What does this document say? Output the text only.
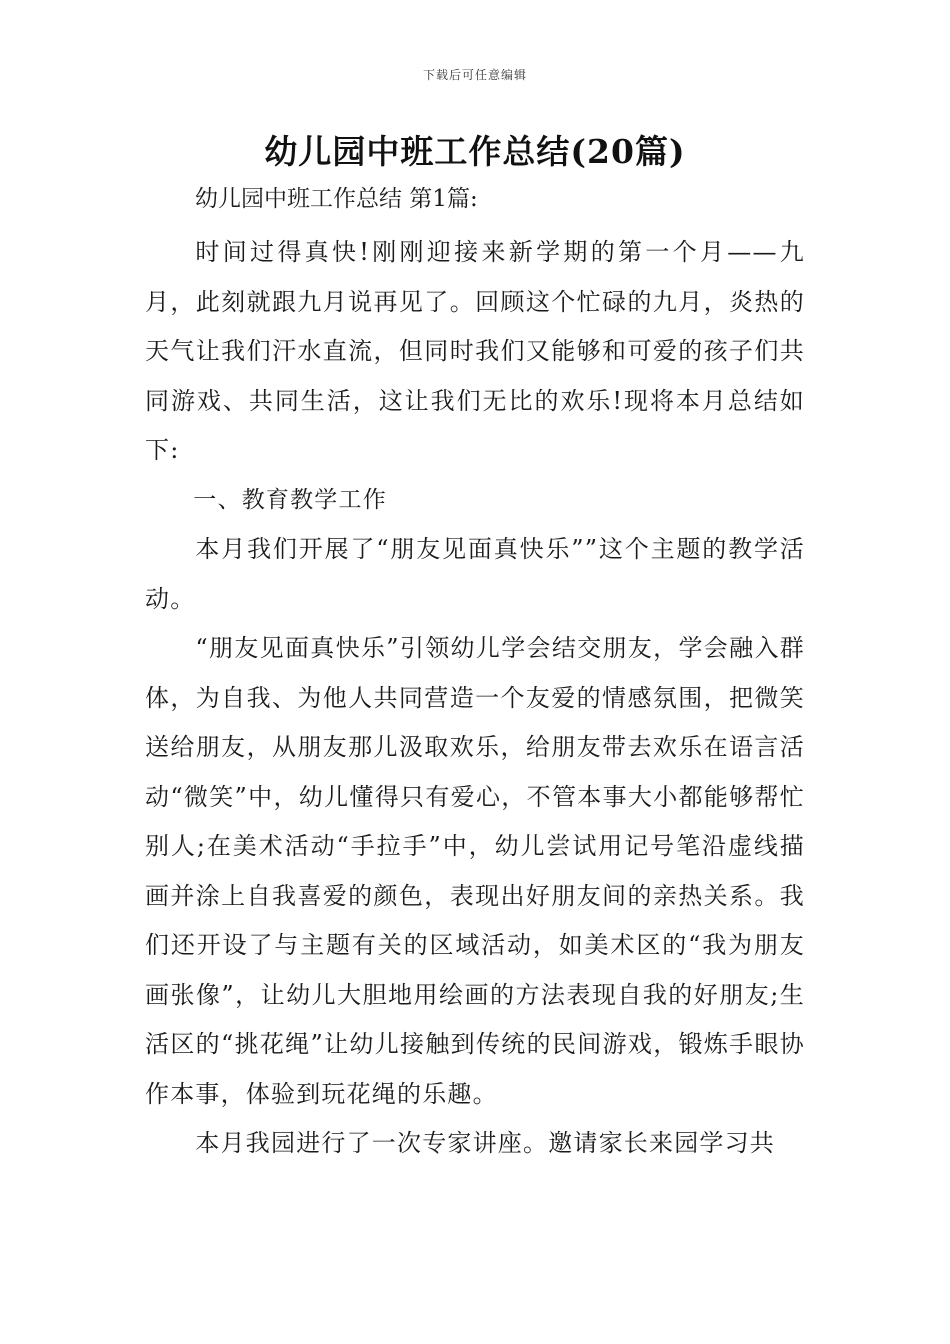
下载后可任意编辑
幼儿园中班工作总结(20篇)
幼儿园中班工作总结 第1篇:

时间过得真快!刚刚迎接来新学期的第一个月——九月，此刻就跟九月说再见了。回顾这个忙碌的九月，炎热的天气让我们汗水直流，但同时我们又能够和可爱的孩子们共同游戏、共同生活，这让我们无比的欢乐!现将本月总结如下:

一、教育教学工作

本月我们开展了“朋友见面真快乐””这个主题的教学活动。

“朋友见面真快乐”引领幼儿学会结交朋友，学会融入群体，为自我、为他人共同营造一个友爱的情感氛围，把微笑送给朋友，从朋友那儿汲取欢乐，给朋友带去欢乐在语言活动“微笑”中，幼儿懂得只有爱心，不管本事大小都能够帮忙别人;在美术活动“手拉手”中，幼儿尝试用记号笔沿虚线描画并涂上自我喜爱的颜色，表现出好朋友间的亲热关系。我们还开设了与主题有关的区域活动，如美术区的“我为朋友画张像”，让幼儿大胆地用绘画的方法表现自我的好朋友;生活区的“挑花绳”让幼儿接触到传统的民间游戏，锻炼手眼协作本事，体验到玩花绳的乐趣。

本月我园进行了一次专家讲座。邀请家长来园学习共
